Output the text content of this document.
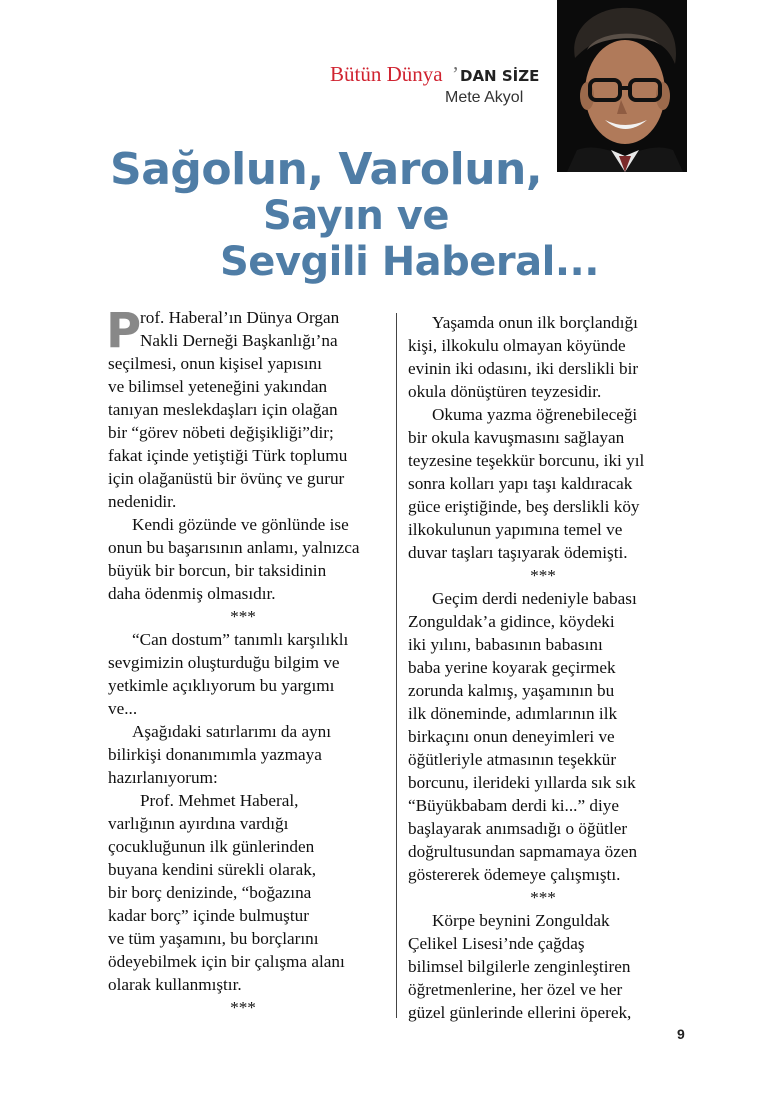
Bütün Dünya ’ DAN SİZE
Mete Akyol
Sağolun, Varolun,
Sayın ve
Sevgili Haberal...
P
rof. Haberal’ın Dünya Organ
Nakli Derneği Başkanlığı’na
seçilmesi, onun kişisel yapısını
ve bilimsel yeteneğini yakından
tanıyan meslekdaşları için olağan
bir “görev nöbeti değişikliği”dir;
fakat içinde yetiştiği Türk toplumu
için olağanüstü bir övünç ve gurur
nedenidir.
Kendi gözünde ve gönlünde ise
onun bu başarısının anlamı, yalnızca
büyük bir borcun, bir taksidinin
daha ödenmiş olmasıdır.
***
“Can dostum” tanımlı karşılıklı
sevgimizin oluşturduğu bilgim ve
yetkimle açıklıyorum bu yargımı
ve...
Aşağıdaki satırlarımı da aynı
bilirkişi donanımımla yazmaya
hazırlanıyorum:
Prof. Mehmet Haberal,
varlığının ayırdına vardığı
çocukluğunun ilk günlerinden
buyana kendini sürekli olarak,
bir borç denizinde, “boğazına
kadar borç” içinde bulmuştur
ve tüm yaşamını, bu borçlarını
ödeyebilmek için bir çalışma alanı
olarak kullanmıştır.
***
Yaşamda onun ilk borçlandığı
kişi, ilkokulu olmayan köyünde
evinin iki odasını, iki derslikli bir
okula dönüştüren teyzesidir.
Okuma yazma öğrenebileceği
bir okula kavuşmasını sağlayan
teyzesine teşekkür borcunu, iki yıl
sonra kolları yapı taşı kaldıracak
güce eriştiğinde, beş derslikli köy
ilkokulunun yapımına temel ve
duvar taşları taşıyarak ödemişti.
***
Geçim derdi nedeniyle babası
Zonguldak’a gidince, köydeki
iki yılını, babasının babasını
baba yerine koyarak geçirmek
zorunda kalmış, yaşamının bu
ilk döneminde, adımlarının ilk
birkaçını onun deneyimleri ve
öğütleriyle atmasının teşekkür
borcunu, ilerideki yıllarda sık sık
“Büyükbabam derdi ki...” diye
başlayarak anımsadığı o öğütler
doğrultusundan sapmamaya özen
göstererek ödemeye çalışmıştı.
***
Körpe beynini Zonguldak
Çelikel Lisesi’nde çağdaş
bilimsel bilgilerle zenginleştiren
öğretmenlerine, her özel ve her
güzel günlerinde ellerini öperek,
9
